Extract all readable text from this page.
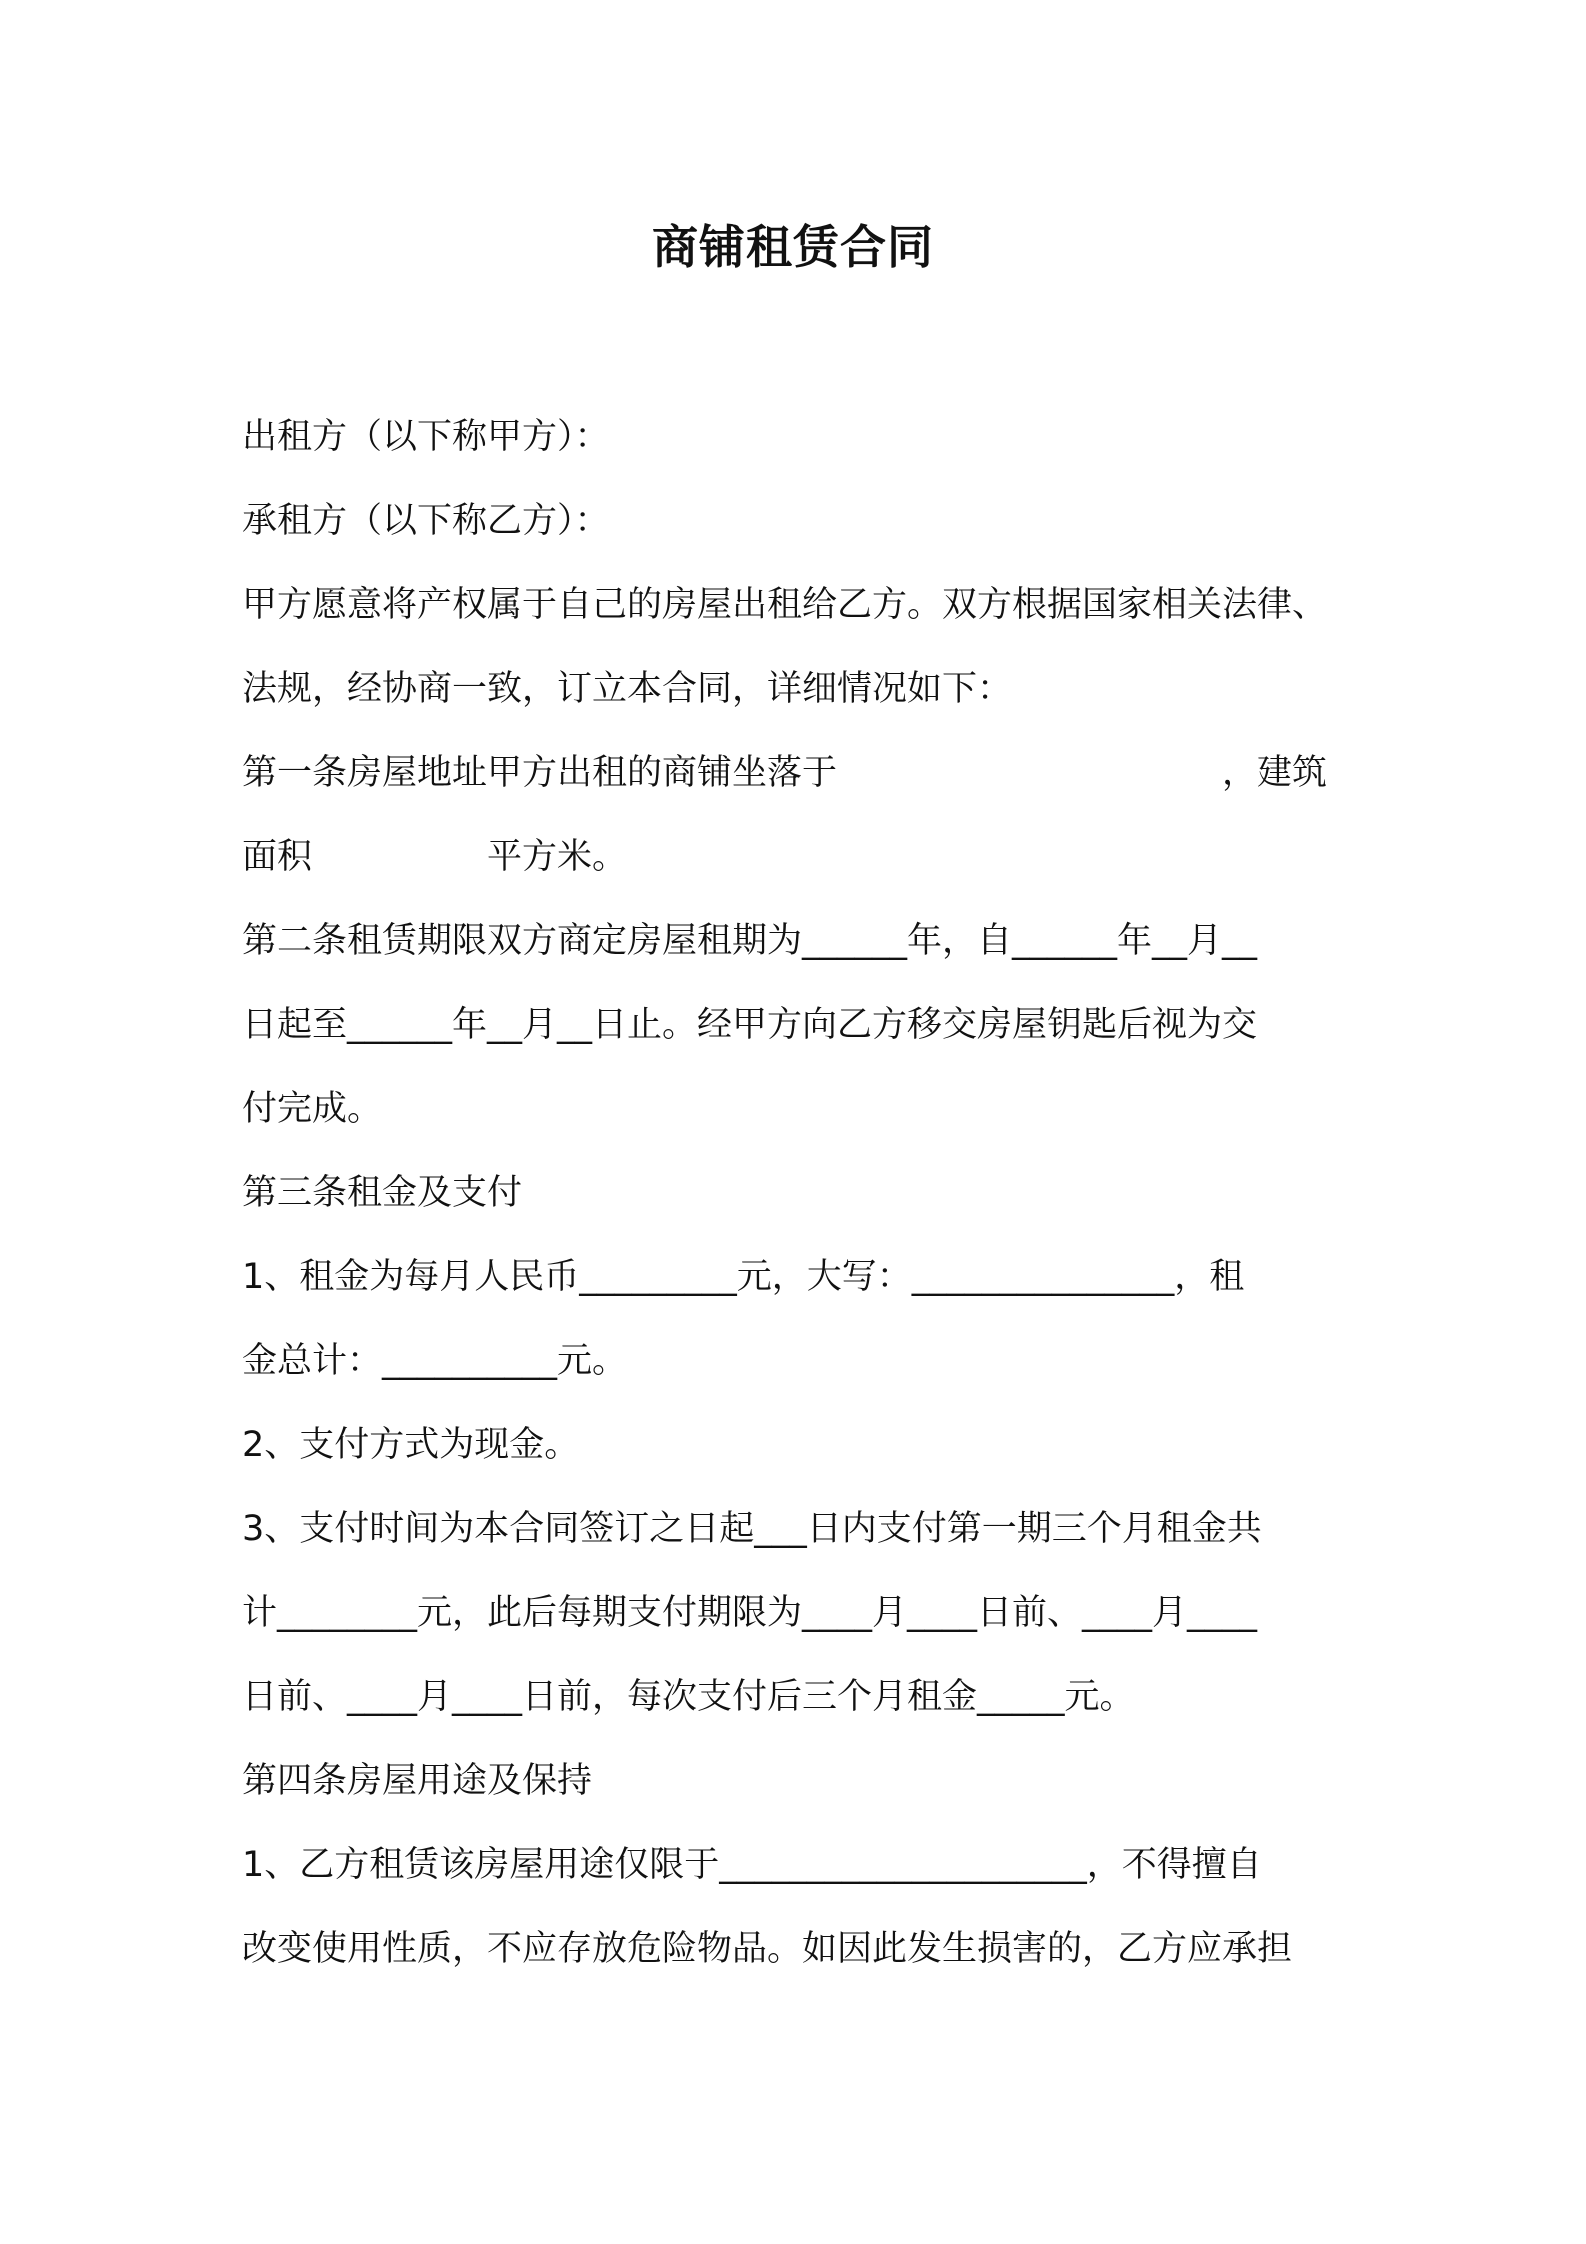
商铺租赁合同
出租方（以下称甲方）：
承租方（以下称乙方）：
甲方愿意将产权属于自己的房屋出租给乙方。双方根据国家相关法律、
法规，经协商一致，订立本合同，详细情况如下：
第一条房屋地址甲方出租的商铺坐落于　　　　　　　　　　　，建筑
面积　　　　　平方米。
第二条租赁期限双方商定房屋租期为______年，自______年__月__
日起至______年__月__日止。经甲方向乙方移交房屋钥匙后视为交
付完成。
第三条租金及支付
1、租金为每月人民币_________元，大写：_______________，租
金总计：__________元。
2、支付方式为现金。
3、支付时间为本合同签订之日起___日内支付第一期三个月租金共
计________元，此后每期支付期限为____月____日前、____月____
日前、____月____日前，每次支付后三个月租金_____元。
第四条房屋用途及保持
1、乙方租赁该房屋用途仅限于_____________________，不得擅自
改变使用性质，不应存放危险物品。如因此发生损害的，乙方应承担
